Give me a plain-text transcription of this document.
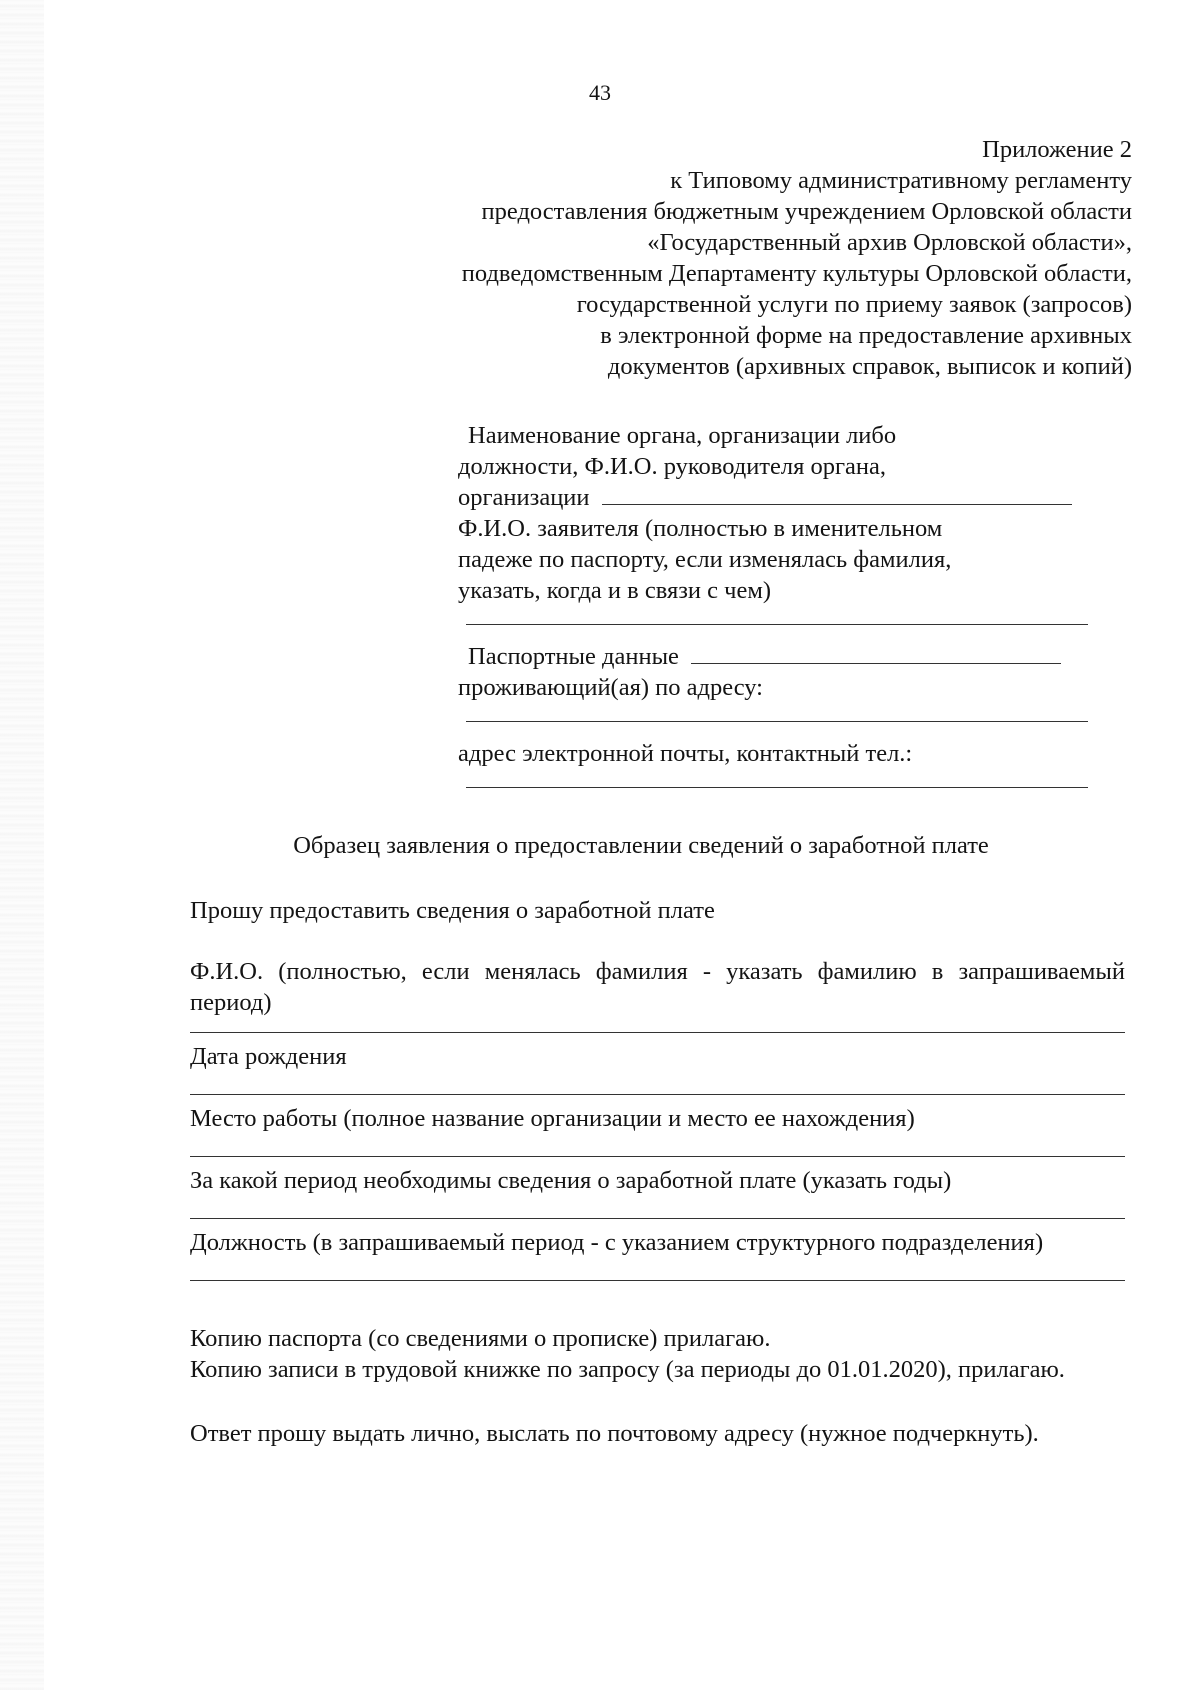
43
Приложение 2
к Типовому административному регламенту
предоставления бюджетным учреждением Орловской области
«Государственный архив Орловской области»,
подведомственным Департаменту культуры Орловской области,
государственной услуги по приему заявок (запросов)
в электронной форме на предоставление архивных
документов (архивных справок, выписок и копий)
Наименование органа, организации либо
должности, Ф.И.О. руководителя органа,
организации
Ф.И.О. заявителя (полностью в именительном
падеже по паспорту, если изменялась фамилия,
указать, когда и в связи с чем)
Паспортные данные
проживающий(ая) по адресу:
адрес электронной почты, контактный тел.:
Образец заявления о предоставлении сведений о заработной плате
Прошу предоставить сведения о заработной плате
Ф.И.О. (полностью, если менялась фамилия - указать фамилию в запрашиваемый период)
Дата рождения
Место работы (полное название организации и место ее нахождения)
За какой период необходимы сведения о заработной плате (указать годы)
Должность (в запрашиваемый период - с указанием структурного подразделения)

Копию паспорта (со сведениями о прописке) прилагаю.

Копию записи в трудовой книжке по запросу (за периоды до 01.01.2020), прилагаю.

Ответ прошу выдать лично, выслать по почтовому адресу (нужное подчеркнуть).
